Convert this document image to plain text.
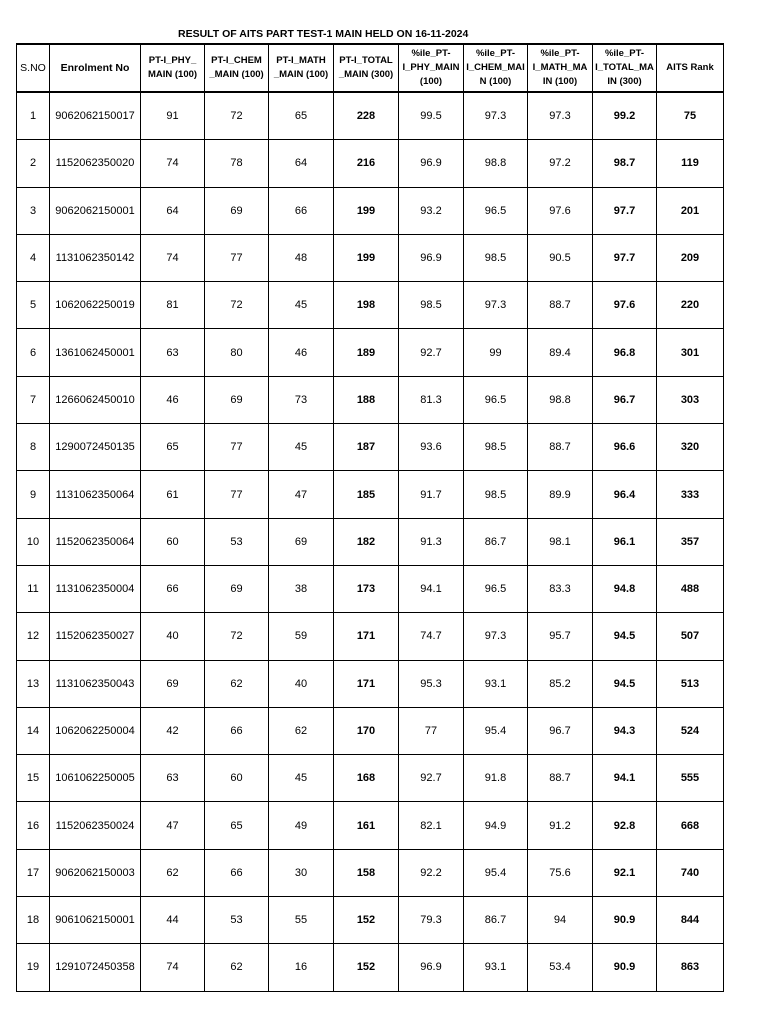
RESULT OF AITS PART TEST-1 MAIN HELD ON 16-11-2024
S.NO	Enrolment No	PT-I_PHY_
MAIN (100)	PT-I_CHEM
_MAIN (100)	PT-I_MATH
_MAIN (100)	PT-I_TOTAL
_MAIN (300)	%ile_PT-
I_PHY_MAIN
(100)	%ile_PT-
I_CHEM_MAI
N (100)	%ile_PT-
I_MATH_MA
IN (100)	%ile_PT-
I_TOTAL_MA
IN (300)	AITS Rank
1	9062062150017	91	72	65	228	99.5	97.3	97.3	99.2	75
2	1152062350020	74	78	64	216	96.9	98.8	97.2	98.7	119
3	9062062150001	64	69	66	199	93.2	96.5	97.6	97.7	201
4	1131062350142	74	77	48	199	96.9	98.5	90.5	97.7	209
5	1062062250019	81	72	45	198	98.5	97.3	88.7	97.6	220
6	1361062450001	63	80	46	189	92.7	99	89.4	96.8	301
7	1266062450010	46	69	73	188	81.3	96.5	98.8	96.7	303
8	1290072450135	65	77	45	187	93.6	98.5	88.7	96.6	320
9	1131062350064	61	77	47	185	91.7	98.5	89.9	96.4	333
10	1152062350064	60	53	69	182	91.3	86.7	98.1	96.1	357
11	1131062350004	66	69	38	173	94.1	96.5	83.3	94.8	488
12	1152062350027	40	72	59	171	74.7	97.3	95.7	94.5	507
13	1131062350043	69	62	40	171	95.3	93.1	85.2	94.5	513
14	1062062250004	42	66	62	170	77	95.4	96.7	94.3	524
15	1061062250005	63	60	45	168	92.7	91.8	88.7	94.1	555
16	1152062350024	47	65	49	161	82.1	94.9	91.2	92.8	668
17	9062062150003	62	66	30	158	92.2	95.4	75.6	92.1	740
18	9061062150001	44	53	55	152	79.3	86.7	94	90.9	844
19	1291072450358	74	62	16	152	96.9	93.1	53.4	90.9	863
